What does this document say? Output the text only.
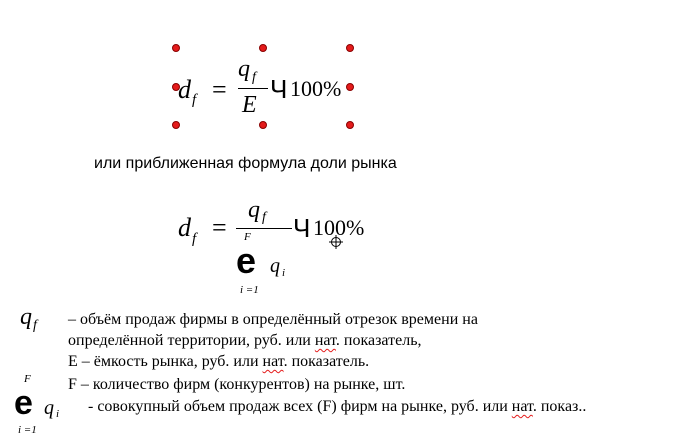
d f =
q f
E
Ч 100%
или приближенная формула доли рынка
d f =
q f
F Ч 100%
e q i
i =1
q f – объём продаж фирмы в определённый отрезок времени на
определённой территории, руб. или нат. показатель,
E – ёмкость рынка, руб. или нат. показатель.
F F – количество фирм (конкурентов) на рынке, шт.
e q i
i =1
- совокупный объем продаж всех (F) фирм на рынке, руб. или нат. показ..
